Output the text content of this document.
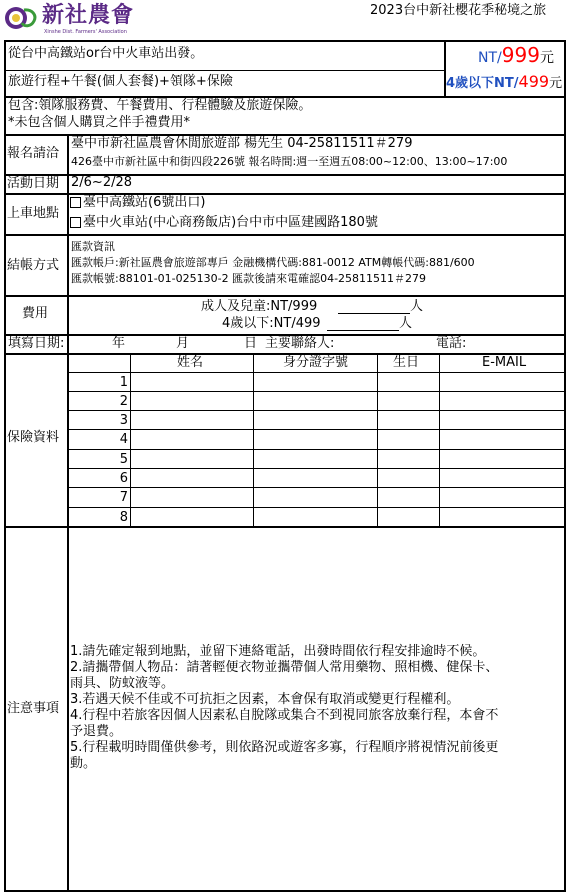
新社農會
Xinshe Dist. Farmers' Association
2023台中新社櫻花季秘境之旅
從台中高鐵站or台中火車站出發。	NT/999元
4歲以下NT/499元
旅遊行程+午餐(個人套餐)+領隊+保險
包含:領隊服務費、午餐費用、行程體驗及旅遊保險。
*未包含個人購買之伴手禮費用*
報名請洽
臺中市新社區農會休閒旅遊部 楊先生 04-25811511＃279
426臺中市新社區中和街四段226號 報名時間:週一至週五08:00~12:00、13:00~17:00
活動日期 2/6~2/28
上車地點
臺中高鐵站(6號出口)
臺中火車站(中心商務飯店)台中市中區建國路180號
結帳方式
匯款資訊
匯款帳戶:新社區農會旅遊部專戶 金融機構代碼:881-0012 ATM轉帳代碼:881/600
匯款帳號:88101-01-025130-2 匯款後請來電確認04-25811511＃279
費用	成人及兒童:NT/999	人
4歲以下:NT/499	人
填寫日期:	年	月	日 主要聯絡人:	電話:
保險資料
姓名	身分證字號	生日	E-MAIL
1
2
3
4
5
6
7
8
注意事項
1.請先確定報到地點，並留下連絡電話，出發時間依行程安排逾時不候。
2.請攜帶個人物品：請著輕便衣物並攜帶個人常用藥物、照相機、健保卡、
雨具、防蚊液等。
3.若遇天候不佳或不可抗拒之因素，本會保有取消或變更行程權利。
4.行程中若旅客因個人因素私自脫隊或集合不到視同旅客放棄行程，本會不
予退費。
5.行程載明時間僅供參考，則依路況或遊客多寡，行程順序將視情況前後更
動。
